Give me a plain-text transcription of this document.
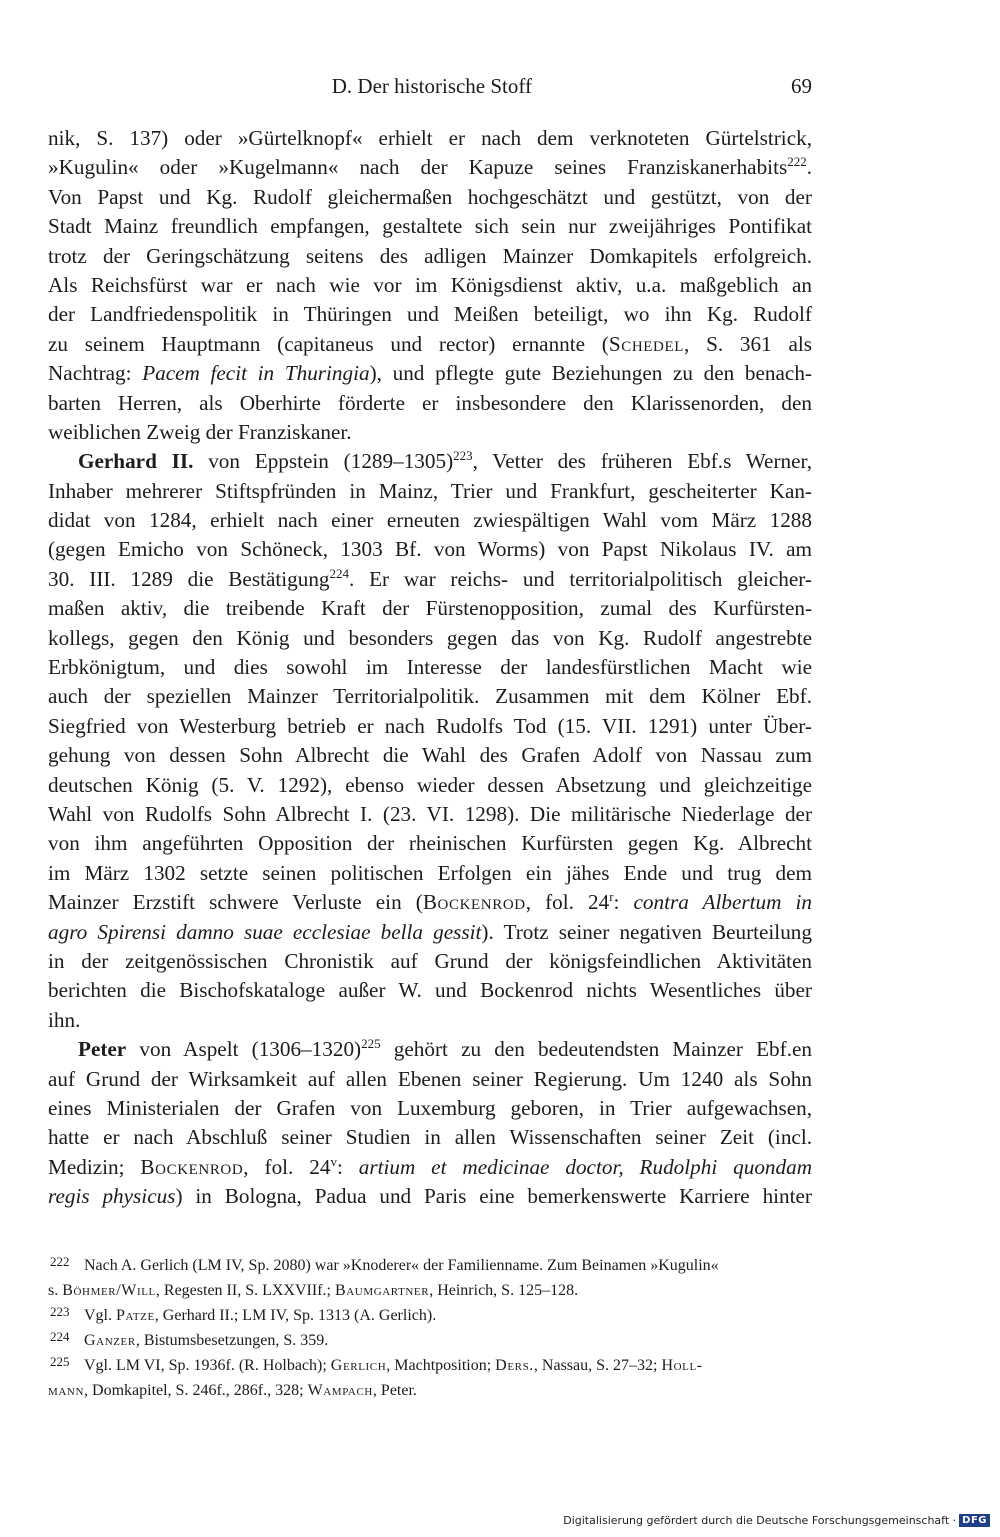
D. Der historische Stoff	69
nik, S. 137) oder »Gürtelknopf« erhielt er nach dem verknoteten Gürtelstrick,
»Kugulin« oder »Kugelmann« nach der Kapuze seines Franziskanerhabits$^{222}$.
Von Papst und Kg. Rudolf gleichermaßen hochgeschätzt und gestützt, von der
Stadt Mainz freundlich empfangen, gestaltete sich sein nur zweijähriges Pontifikat
trotz der Geringschätzung seitens des adligen Mainzer Domkapitels erfolgreich.
Als Reichsfürst war er nach wie vor im Königsdienst aktiv, u.a. maßgeblich an
der Landfriedenspolitik in Thüringen und Meißen beteiligt, wo ihn Kg. Rudolf
zu seinem Hauptmann (capitaneus und rector) ernannte (Schedel, S. 361 als
Nachtrag: Pacem fecit in Thuringia), und pflegte gute Beziehungen zu den benach-
barten Herren, als Oberhirte förderte er insbesondere den Klarissenorden, den
weiblichen Zweig der Franziskaner.
Gerhard II. von Eppstein (1289–1305)$^{223}$, Vetter des früheren Ebf.s Werner,
Inhaber mehrerer Stiftspfründen in Mainz, Trier und Frankfurt, gescheiterter Kan-
didat von 1284, erhielt nach einer erneuten zwiespältigen Wahl vom März 1288
(gegen Emicho von Schöneck, 1303 Bf. von Worms) von Papst Nikolaus IV. am
30. III. 1289 die Bestätigung$^{224}$. Er war reichs- und territorialpolitisch gleicher-
maßen aktiv, die treibende Kraft der Fürstenopposition, zumal des Kurfürsten-
kollegs, gegen den König und besonders gegen das von Kg. Rudolf angestrebte
Erbkönigtum, und dies sowohl im Interesse der landesfürstlichen Macht wie
auch der speziellen Mainzer Territorialpolitik. Zusammen mit dem Kölner Ebf.
Siegfried von Westerburg betrieb er nach Rudolfs Tod (15. VII. 1291) unter Über-
gehung von dessen Sohn Albrecht die Wahl des Grafen Adolf von Nassau zum
deutschen König (5. V. 1292), ebenso wieder dessen Absetzung und gleichzeitige
Wahl von Rudolfs Sohn Albrecht I. (23. VI. 1298). Die militärische Niederlage der
von ihm angeführten Opposition der rheinischen Kurfürsten gegen Kg. Albrecht
im März 1302 setzte seinen politischen Erfolgen ein jähes Ende und trug dem
Mainzer Erzstift schwere Verluste ein (Bockenrod, fol. 24$^r$: contra Albertum in
agro Spirensi damno suae ecclesiae bella gessit). Trotz seiner negativen Beurteilung
in der zeitgenössischen Chronistik auf Grund der königsfeindlichen Aktivitäten
berichten die Bischofskataloge außer W. und Bockenrod nichts Wesentliches über
ihn.
Peter von Aspelt (1306–1320)$^{225}$ gehört zu den bedeutendsten Mainzer Ebf.en
auf Grund der Wirksamkeit auf allen Ebenen seiner Regierung. Um 1240 als Sohn
eines Ministerialen der Grafen von Luxemburg geboren, in Trier aufgewachsen,
hatte er nach Abschluß seiner Studien in allen Wissenschaften seiner Zeit (incl.
Medizin; Bockenrod, fol. 24$^v$: artium et medicinae doctor, Rudolphi quondam
regis physicus) in Bologna, Padua und Paris eine bemerkenswerte Karriere hinter
222 Nach A. Gerlich (LM IV, Sp. 2080) war »Knoderer« der Familienname. Zum Beinamen »Kugulin«
s. Böhmer/Will, Regesten II, S. LXXVIIf.; Baumgartner, Heinrich, S. 125–128.
223 Vgl. Patze, Gerhard II.; LM IV, Sp. 1313 (A. Gerlich).
224 Ganzer, Bistumsbesetzungen, S. 359.
225 Vgl. LM VI, Sp. 1936f. (R. Holbach); Gerlich, Machtposition; Ders., Nassau, S. 27–32; Holl-
mann, Domkapitel, S. 246f., 286f., 328; Wampach, Peter.
Digitalisierung gefördert durch die Deutsche Forschungsgemeinschaft · DFG
